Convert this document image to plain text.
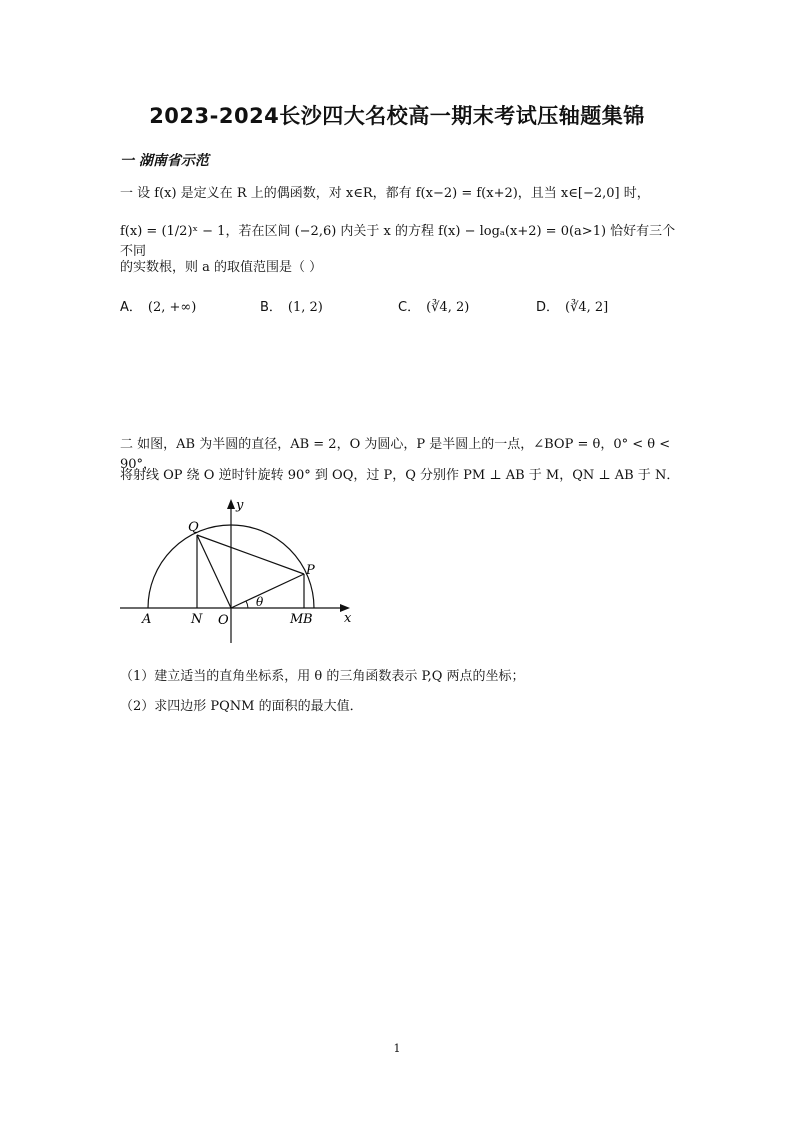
2023-2024长沙四大名校高一期末考试压轴题集锦
一 湖南省示范
一 设 f(x) 是定义在 R 上的偶函数，对 x∈R，都有 f(x−2) = f(x+2)，且当 x∈[−2,0] 时，
f(x) = (1/2)ˣ − 1，若在区间 (−2,6) 内关于 x 的方程 f(x) − logₐ(x+2) = 0(a>1) 恰好有三个不同
的实数根，则 a 的取值范围是（ ）
A． (2, +∞)	B． (1, 2)	C． (∛4, 2)	D． (∛4, 2]
二 如图，AB 为半圆的直径，AB = 2，O 为圆心，P 是半圆上的一点，∠BOP = θ，0° < θ < 90°，
将射线 OP 绕 O 逆时针旋转 90° 到 OQ，过 P，Q 分别作 PM ⊥ AB 于 M，QN ⊥ AB 于 N．
y
x
Q
P
A	N O	M B
θ
（1）建立适当的直角坐标系，用 θ 的三角函数表示 P,Q 两点的坐标；
（2）求四边形 PQNM 的面积的最大值．
1
